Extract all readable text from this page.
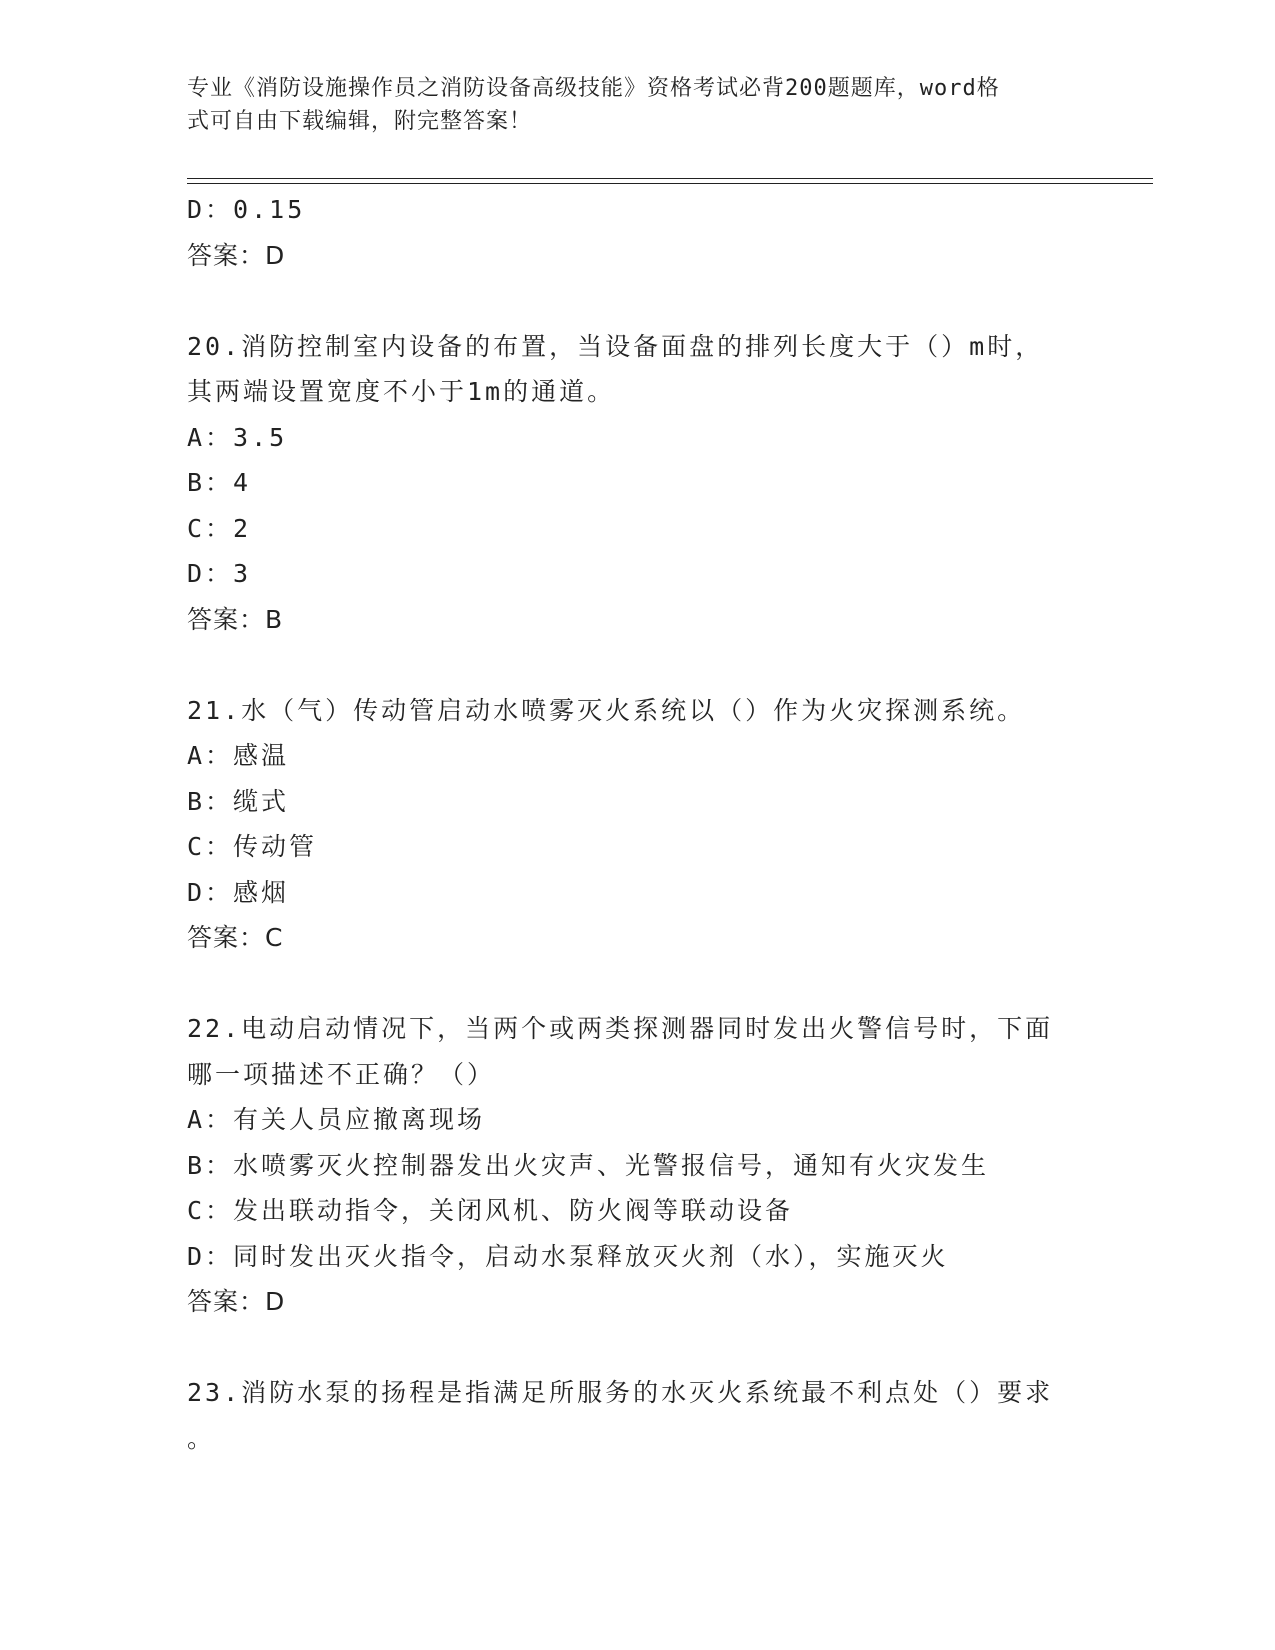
专业《消防设施操作员之消防设备高级技能》资格考试必背200题题库，word格
式可自由下载编辑，附完整答案！
D：0.15
答案：D
20.消防控制室内设备的布置，当设备面盘的排列长度大于（）m时，
其两端设置宽度不小于1m的通道。
A：3.5
B：4
C：2
D：3
答案：B
21.水（气）传动管启动水喷雾灭火系统以（）作为火灾探测系统。
A：感温
B：缆式
C：传动管
D：感烟
答案：C
22.电动启动情况下，当两个或两类探测器同时发出火警信号时，下面
哪一项描述不正确？（）
A：有关人员应撤离现场
B：水喷雾灭火控制器发出火灾声、光警报信号，通知有火灾发生
C：发出联动指令，关闭风机、防火阀等联动设备
D：同时发出灭火指令，启动水泵释放灭火剂（水），实施灭火
答案：D
23.消防水泵的扬程是指满足所服务的水灭火系统最不利点处（）要求
。
